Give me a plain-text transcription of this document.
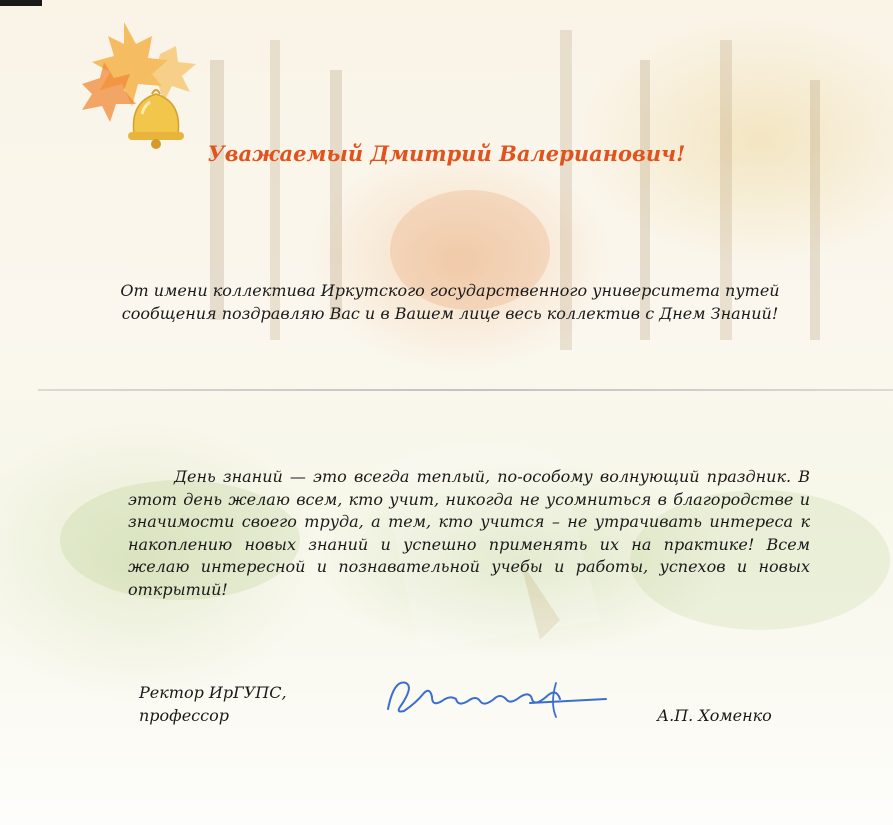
Уважаемый Дмитрий Валерианович!
От имени коллектива Иркутского государственного университета путей сообщения поздравляю Вас и в Вашем лице весь коллектив с Днем Знаний!
День знаний — это всегда теплый, по-особому волнующий праздник. В этот день желаю всем, кто учит, никогда не усомниться в благородстве и значимости своего труда, а тем, кто учится – не утрачивать интереса к накоплению новых знаний и успешно применять их на практике! Всем желаю интересной и познавательной учебы и работы, успехов и новых открытий!
Ректор ИрГУПС,
профессор	А.П. Хоменко
